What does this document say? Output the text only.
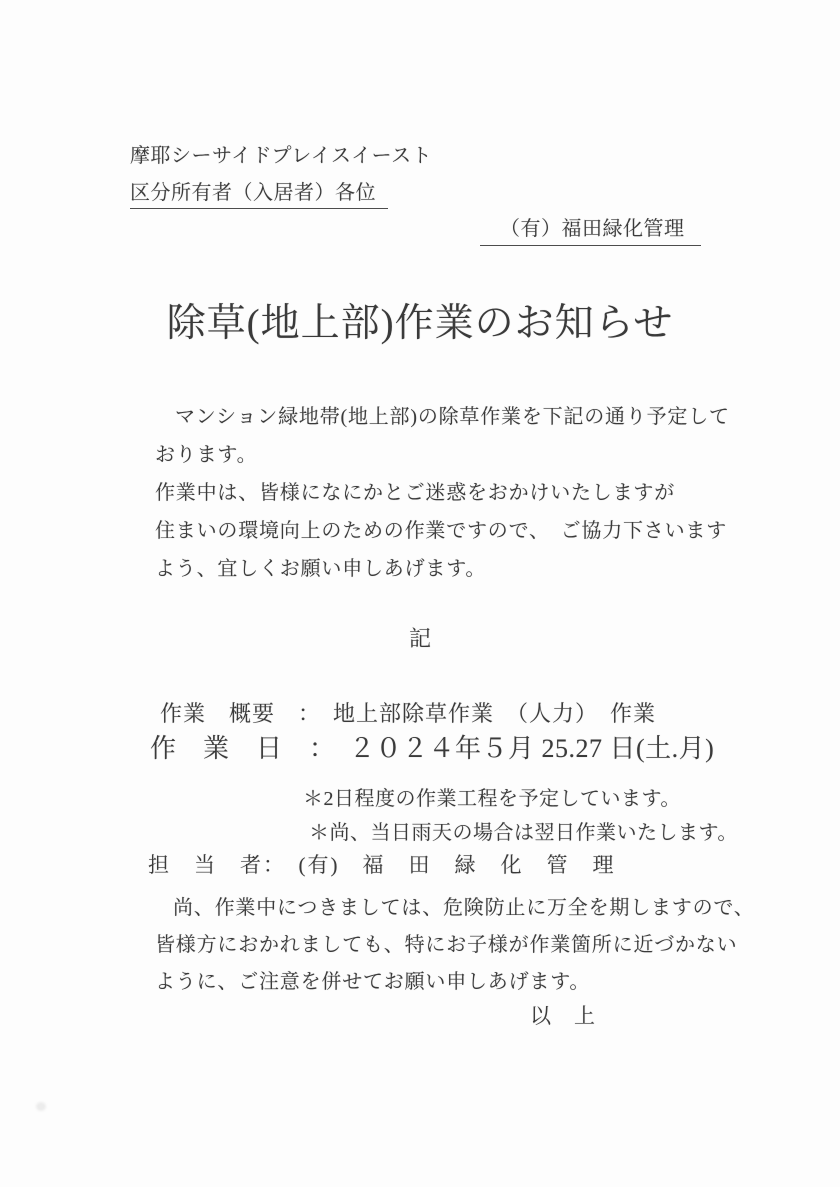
摩耶シーサイドプレイスイースト
区分所有者（入居者）各位
（有）福田緑化管理
除草(地上部)作業のお知らせ
マンション緑地帯(地上部)の除草作業を下記の通り予定して
おります。
作業中は、皆様になにかとご迷惑をおかけいたしますが
住まいの環境向上のための作業ですので、　ご協力下さいます
よう、宜しくお願い申しあげます。
記
作業　概要　：　地上部除草作業　（人力）　作業
作　業　日　：　２０２４年５月 25.27 日(土.月)
＊2日程度の作業工程を予定しています。
＊尚、当日雨天の場合は翌日作業いたします。
担　当　者：　(有)　福　田　緑　化　管　理
尚、作業中につきましては、危険防止に万全を期しますので、
皆様方におかれましても、特にお子様が作業箇所に近づかない
ように、ご注意を併せてお願い申しあげます。
以　上
